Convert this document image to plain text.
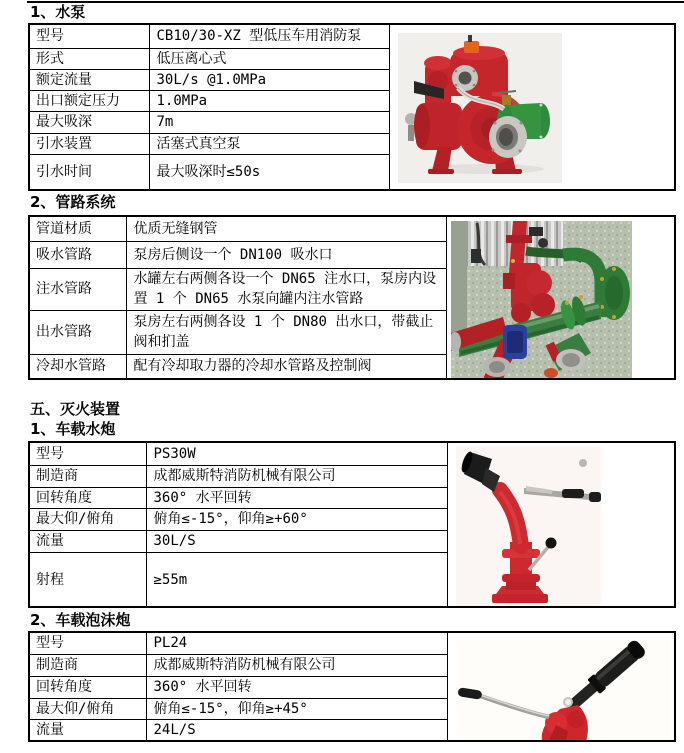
1、水泵
型号	CB10/30-XZ 型低压车用消防泵	

形式	低压离心式	
额定流量	30L/s @1.0MPa	
出口额定压力	1.0MPa	
最大吸深	7m	
引水装置	活塞式真空泵	
引水时间	最大吸深时≤50s	
2、管路系统
管道材质	优质无缝钢管	

吸水管路	泵房后侧设一个 DN100 吸水口	
注水管路	水罐左右两侧各设一个 DN65 注水口，泵房内设置 1 个 DN65 水泵向罐内注水管路	
出水管路	泵房左右两侧各设 1 个 DN80 出水口，带截止阀和扪盖	
冷却水管路	配有冷却取力器的冷却水管路及控制阀	
五、灭火装置
1、车载水炮
型号	PS30W	

制造商	成都威斯特消防机械有限公司	
回转角度	360° 水平回转	
最大仰/俯角	俯角≤-15°，仰角≥+60°	
流量	30L/S	
射程	≥55m	
2、车载泡沫炮
型号	PL24	

制造商	成都威斯特消防机械有限公司	
回转角度	360° 水平回转	
最大仰/俯角	俯角≤-15°，仰角≥+45°	
流量	24L/S	
